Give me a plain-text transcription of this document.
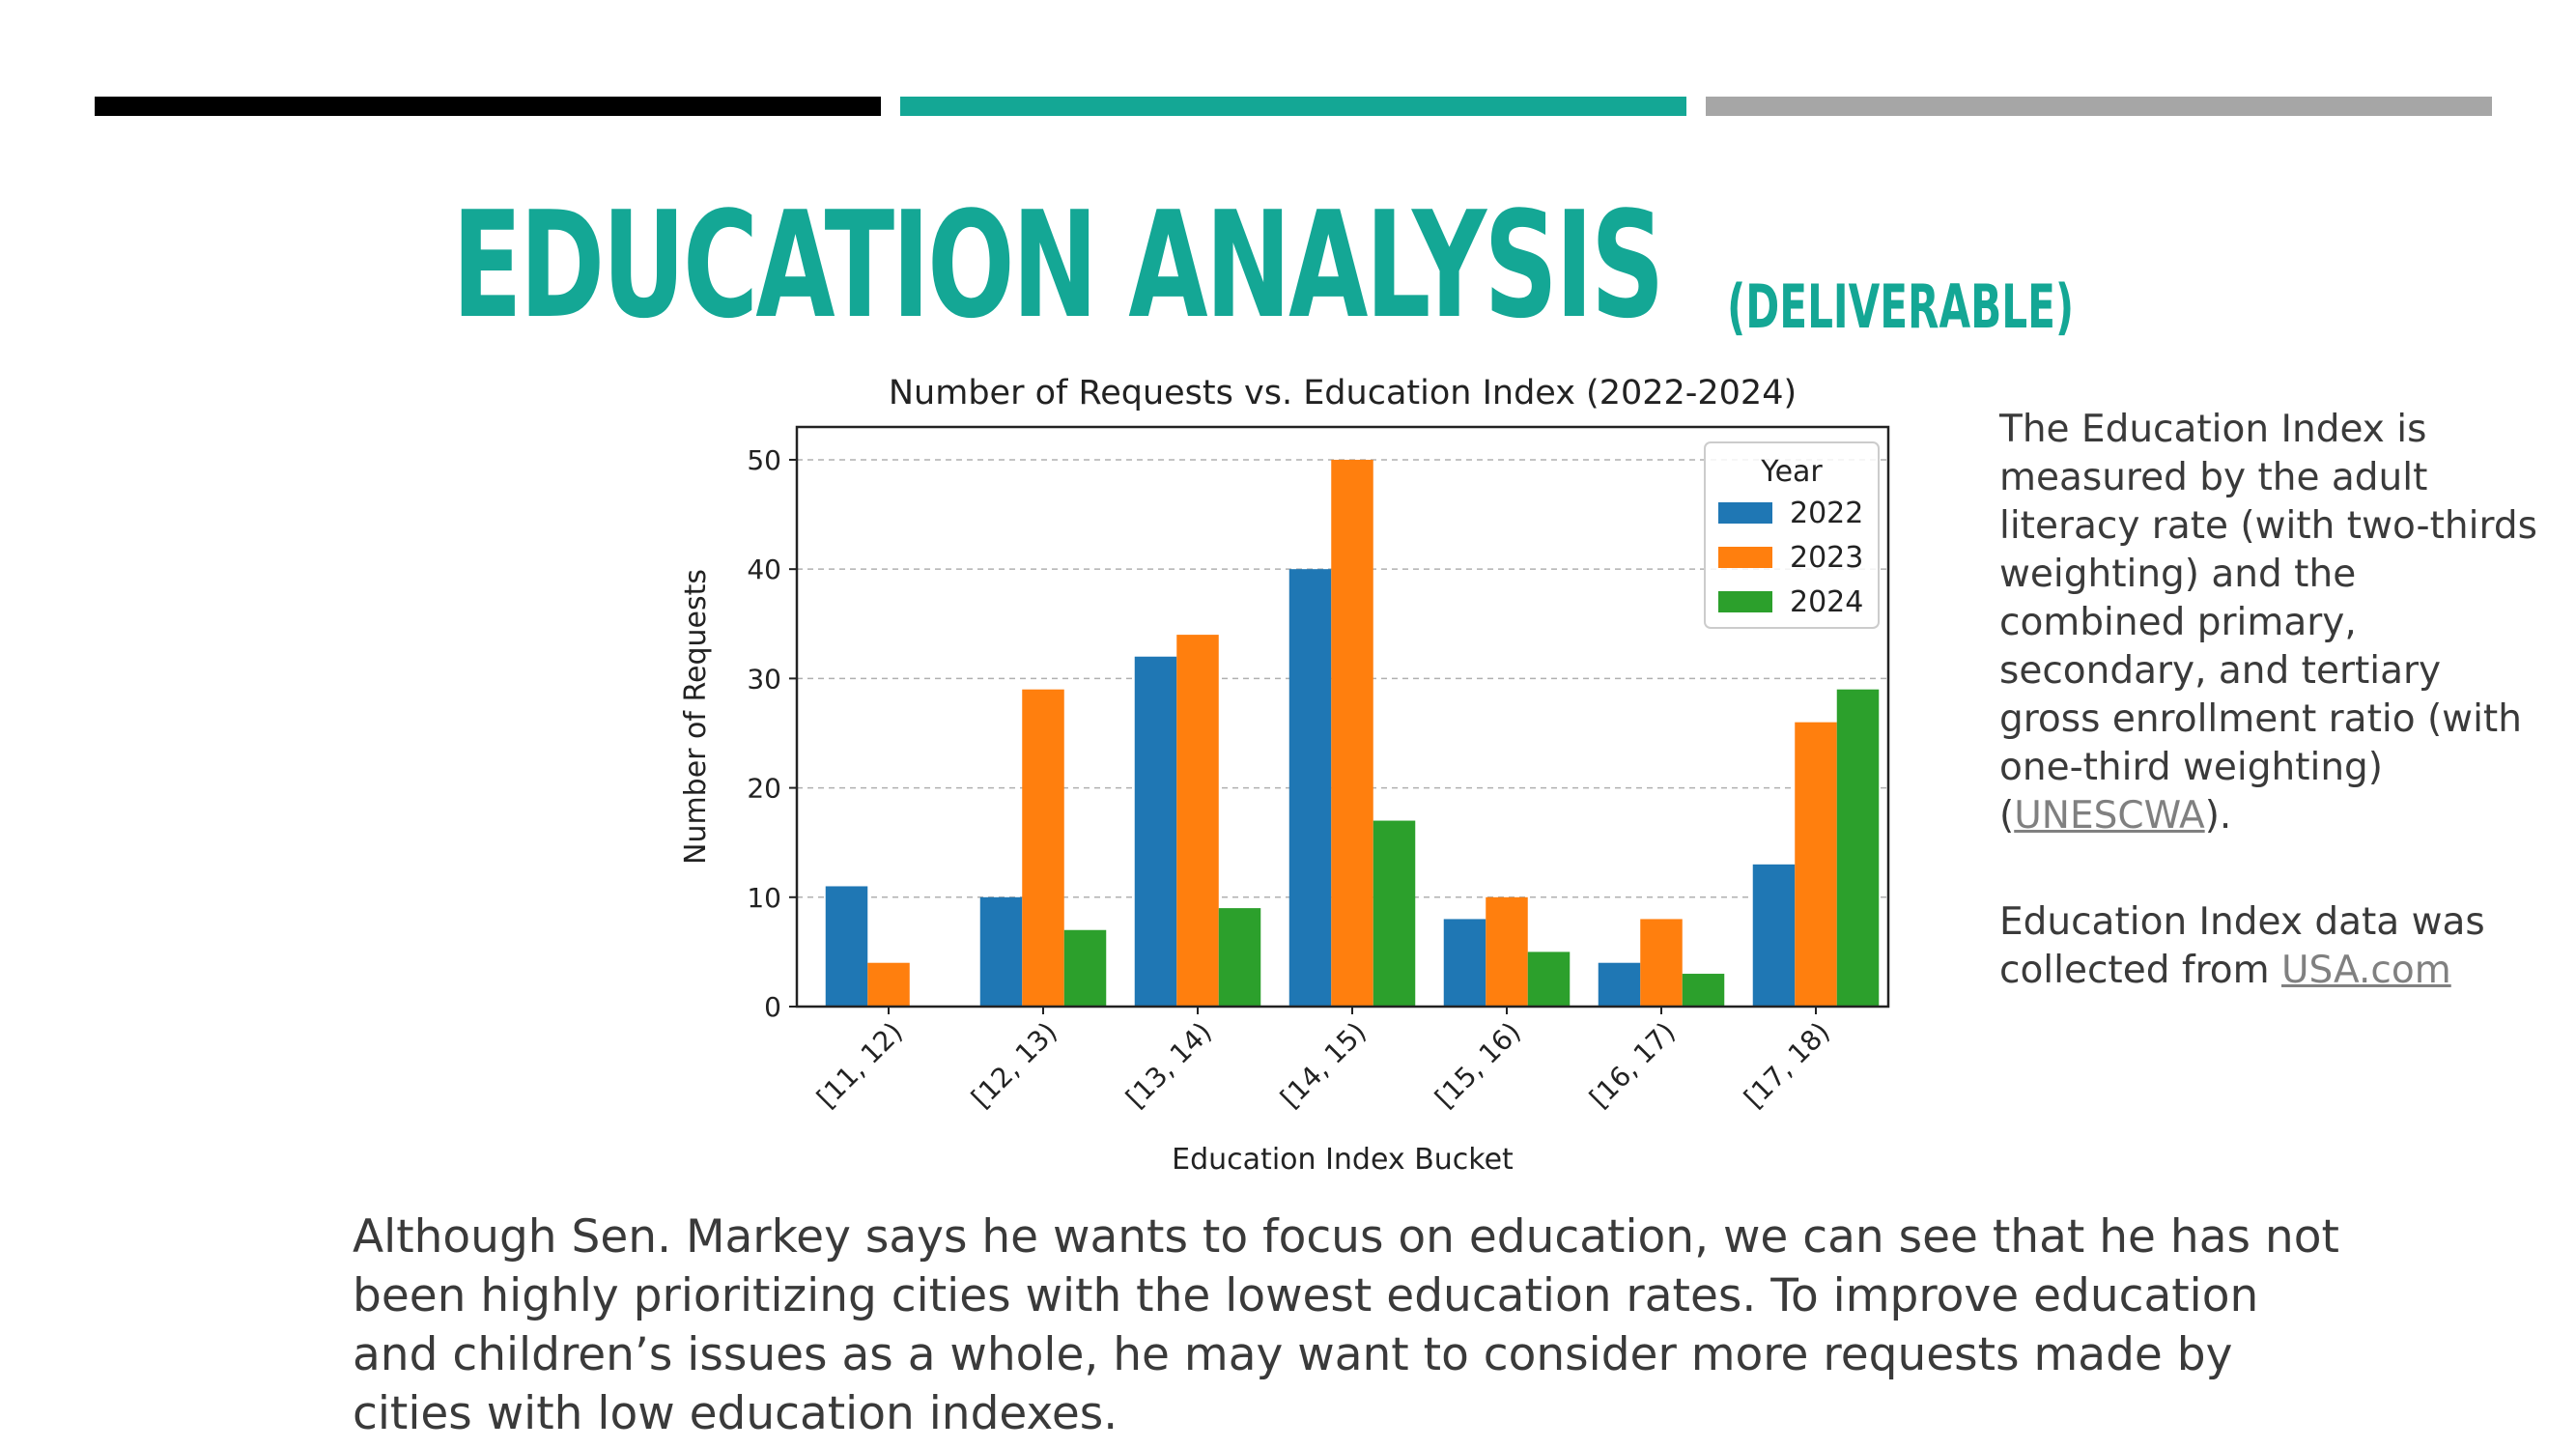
EDUCATION ANALYSIS (DELIVERABLE)
Number of Requests vs. Education Index (2022-2024)
0
10
20
30
40
50
[11, 12) [12, 13) [13, 14) [14, 15) [15, 16) [16, 17) [17, 18)
Number of Requests
Education Index Bucket
Year
2022
2023
2024

The Education Index is measured by the adult literacy rate (with two-thirds weighting) and the combined primary, secondary, and tertiary gross enrollment ratio (with one-third weighting) (UNESCWA).

Education Index data was collected from USA.com

Although Sen. Markey says he wants to focus on education, we can see that he has not been highly prioritizing cities with the lowest education rates. To improve education and children’s issues as a whole, he may want to consider more requests made by cities with low education indexes.
